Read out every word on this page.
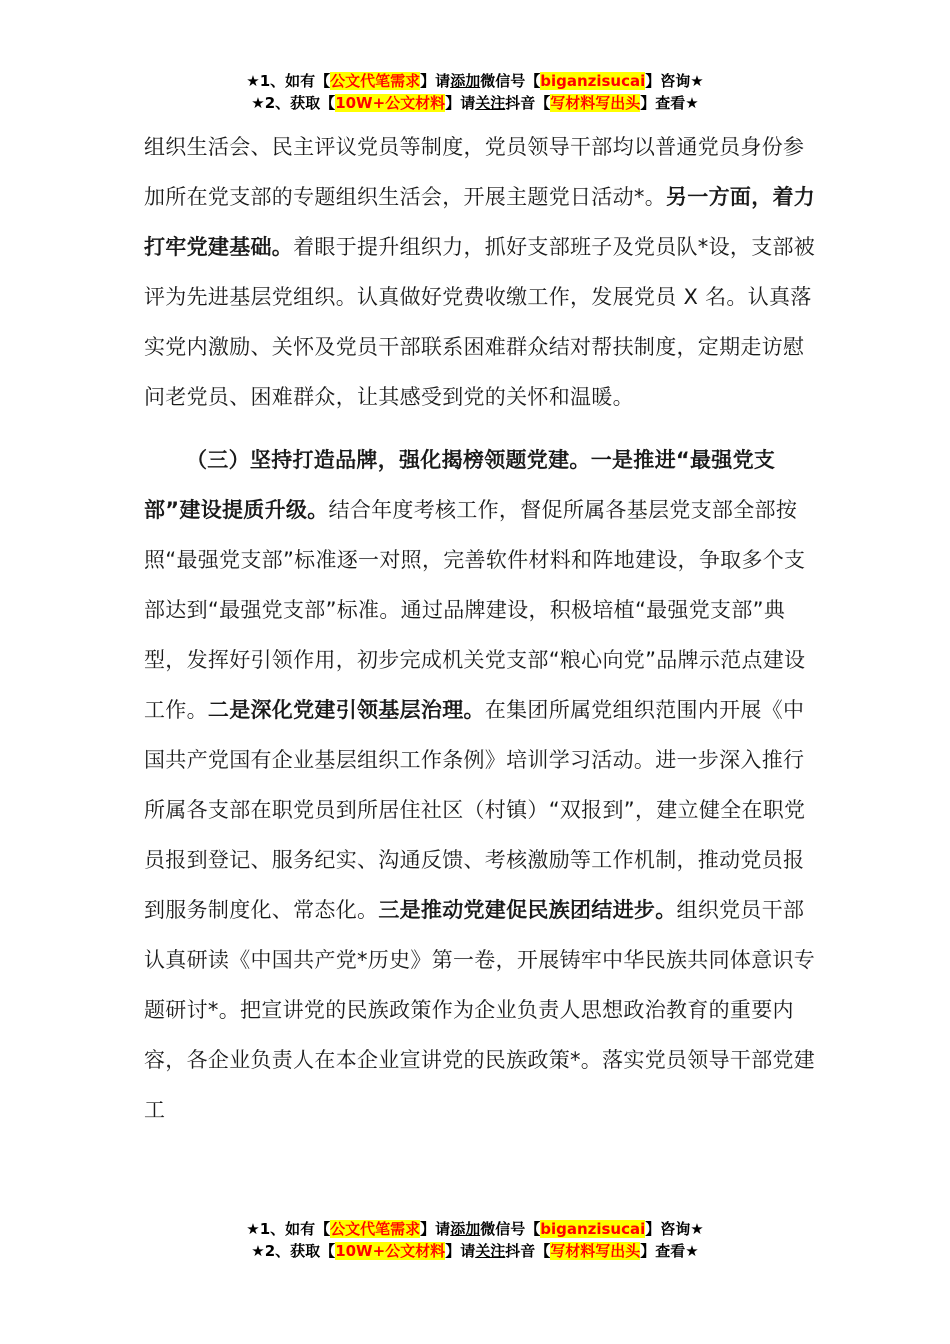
★1、如有【公文代笔需求】请添加微信号【biganzisucai】咨询★
★2、获取【10W+公文材料】请关注抖音【写材料写出头】查看★

组织生活会、民主评议党员等制度，党员领导干部均以普通党员身份参加所在党支部的专题组织生活会，开展主题党日活动*。另一方面，着力打牢党建基础。着眼于提升组织力，抓好支部班子及党员队*设，支部被评为先进基层党组织。认真做好党费收缴工作，发展党员 X 名。认真落实党内激励、关怀及党员干部联系困难群众结对帮扶制度，定期走访慰问老党员、困难群众，让其感受到党的关怀和温暖。

（三）坚持打造品牌，强化揭榜领题党建。一是推进“最强党支部”建设提质升级。结合年度考核工作，督促所属各基层党支部全部按照“最强党支部”标准逐一对照，完善软件材料和阵地建设，争取多个支部达到“最强党支部”标准。通过品牌建设，积极培植“最强党支部”典型，发挥好引领作用，初步完成机关党支部“粮心向党”品牌示范点建设工作。二是深化党建引领基层治理。在集团所属党组织范围内开展《中国共产党国有企业基层组织工作条例》培训学习活动。进一步深入推行所属各支部在职党员到所居住社区（村镇）“双报到”，建立健全在职党员报到登记、服务纪实、沟通反馈、考核激励等工作机制，推动党员报到服务制度化、常态化。三是推动党建促民族团结进步。组织党员干部认真研读《中国共产党*历史》第一卷，开展铸牢中华民族共同体意识专题研讨*。把宣讲党的民族政策作为企业负责人思想政治教育的重要内容，各企业负责人在本企业宣讲党的民族政策*。落实党员领导干部党建工

★1、如有【公文代笔需求】请添加微信号【biganzisucai】咨询★
★2、获取【10W+公文材料】请关注抖音【写材料写出头】查看★
